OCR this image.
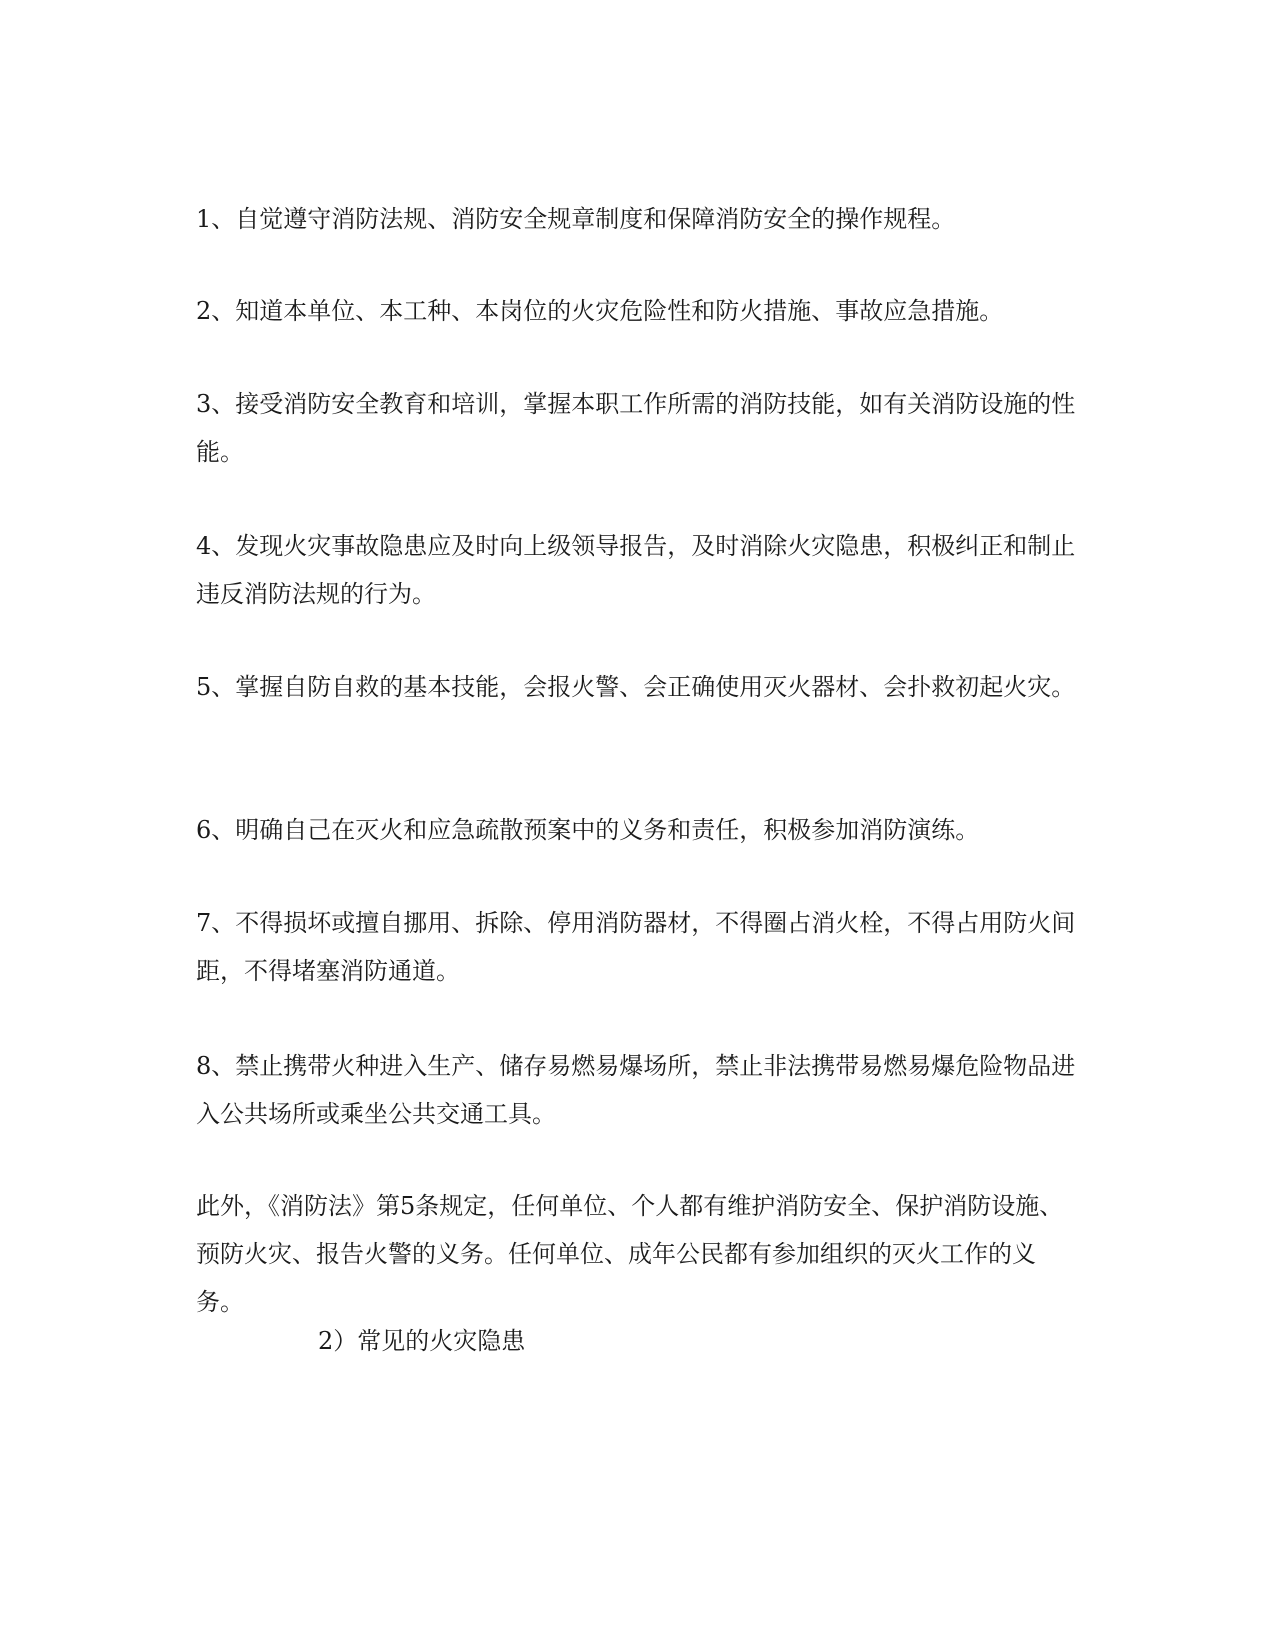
1、自觉遵守消防法规、消防安全规章制度和保障消防安全的操作规程。

2、知道本单位、本工种、本岗位的火灾危险性和防火措施、事故应急措施。

3、接受消防安全教育和培训，掌握本职工作所需的消防技能，如有关消防设施的性能。

4、发现火灾事故隐患应及时向上级领导报告，及时消除火灾隐患，积极纠正和制止违反消防法规的行为。

5、掌握自防自救的基本技能，会报火警、会正确使用灭火器材、会扑救初起火灾。

6、明确自己在灭火和应急疏散预案中的义务和责任，积极参加消防演练。

7、不得损坏或擅自挪用、拆除、停用消防器材，不得圈占消火栓，不得占用防火间距，不得堵塞消防通道。

8、禁止携带火种进入生产、储存易燃易爆场所，禁止非法携带易燃易爆危险物品进入公共场所或乘坐公共交通工具。

此外，《消防法》第5条规定，任何单位、个人都有维护消防安全、保护消防设施、预防火灾、报告火警的义务。任何单位、成年公民都有参加组织的灭火工作的义务。

2）常见的火灾隐患
